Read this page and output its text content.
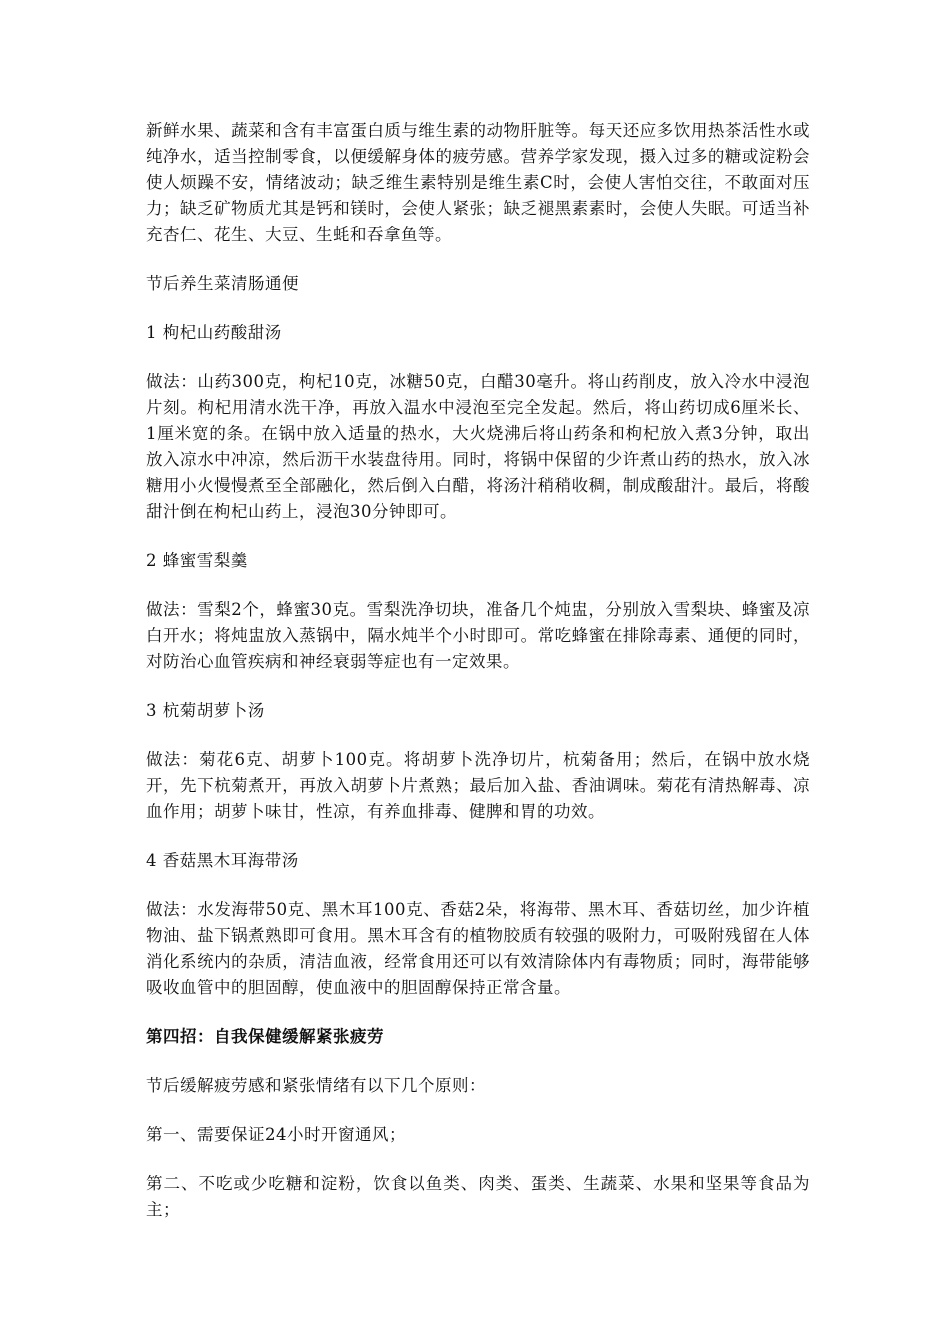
新鲜水果、蔬菜和含有丰富蛋白质与维生素的动物肝脏等。每天还应多饮用热茶活性水或纯净水，适当控制零食，以便缓解身体的疲劳感。营养学家发现，摄入过多的糖或淀粉会使人烦躁不安，情绪波动；缺乏维生素特别是维生素C时，会使人害怕交往，不敢面对压力；缺乏矿物质尤其是钙和镁时，会使人紧张；缺乏褪黑素素时，会使人失眠。可适当补充杏仁、花生、大豆、生蚝和吞拿鱼等。

节后养生菜清肠通便

1 枸杞山药酸甜汤

做法：山药300克，枸杞10克，冰糖50克，白醋30毫升。将山药削皮，放入冷水中浸泡片刻。枸杞用清水洗干净，再放入温水中浸泡至完全发起。然后，将山药切成6厘米长、1厘米宽的条。在锅中放入适量的热水，大火烧沸后将山药条和枸杞放入煮3分钟，取出放入凉水中冲凉，然后沥干水装盘待用。同时，将锅中保留的少许煮山药的热水，放入冰糖用小火慢慢煮至全部融化，然后倒入白醋，将汤汁稍稍收稠，制成酸甜汁。最后，将酸甜汁倒在枸杞山药上，浸泡30分钟即可。

2 蜂蜜雪梨羹

做法：雪梨2个，蜂蜜30克。雪梨洗净切块，准备几个炖盅，分别放入雪梨块、蜂蜜及凉白开水；将炖盅放入蒸锅中，隔水炖半个小时即可。常吃蜂蜜在排除毒素、通便的同时，对防治心血管疾病和神经衰弱等症也有一定效果。

3 杭菊胡萝卜汤

做法：菊花6克、胡萝卜100克。将胡萝卜洗净切片，杭菊备用；然后，在锅中放水烧开，先下杭菊煮开，再放入胡萝卜片煮熟；最后加入盐、香油调味。菊花有清热解毒、凉血作用；胡萝卜味甘，性凉，有养血排毒、健脾和胃的功效。

4 香菇黑木耳海带汤

做法：水发海带50克、黑木耳100克、香菇2朵，将海带、黑木耳、香菇切丝，加少许植物油、盐下锅煮熟即可食用。黑木耳含有的植物胶质有较强的吸附力，可吸附残留在人体消化系统内的杂质，清洁血液，经常食用还可以有效清除体内有毒物质；同时，海带能够吸收血管中的胆固醇，使血液中的胆固醇保持正常含量。

第四招：自我保健缓解紧张疲劳

节后缓解疲劳感和紧张情绪有以下几个原则：

第一、需要保证24小时开窗通风；

第二、不吃或少吃糖和淀粉，饮食以鱼类、肉类、蛋类、生蔬菜、水果和坚果等食品为主；
